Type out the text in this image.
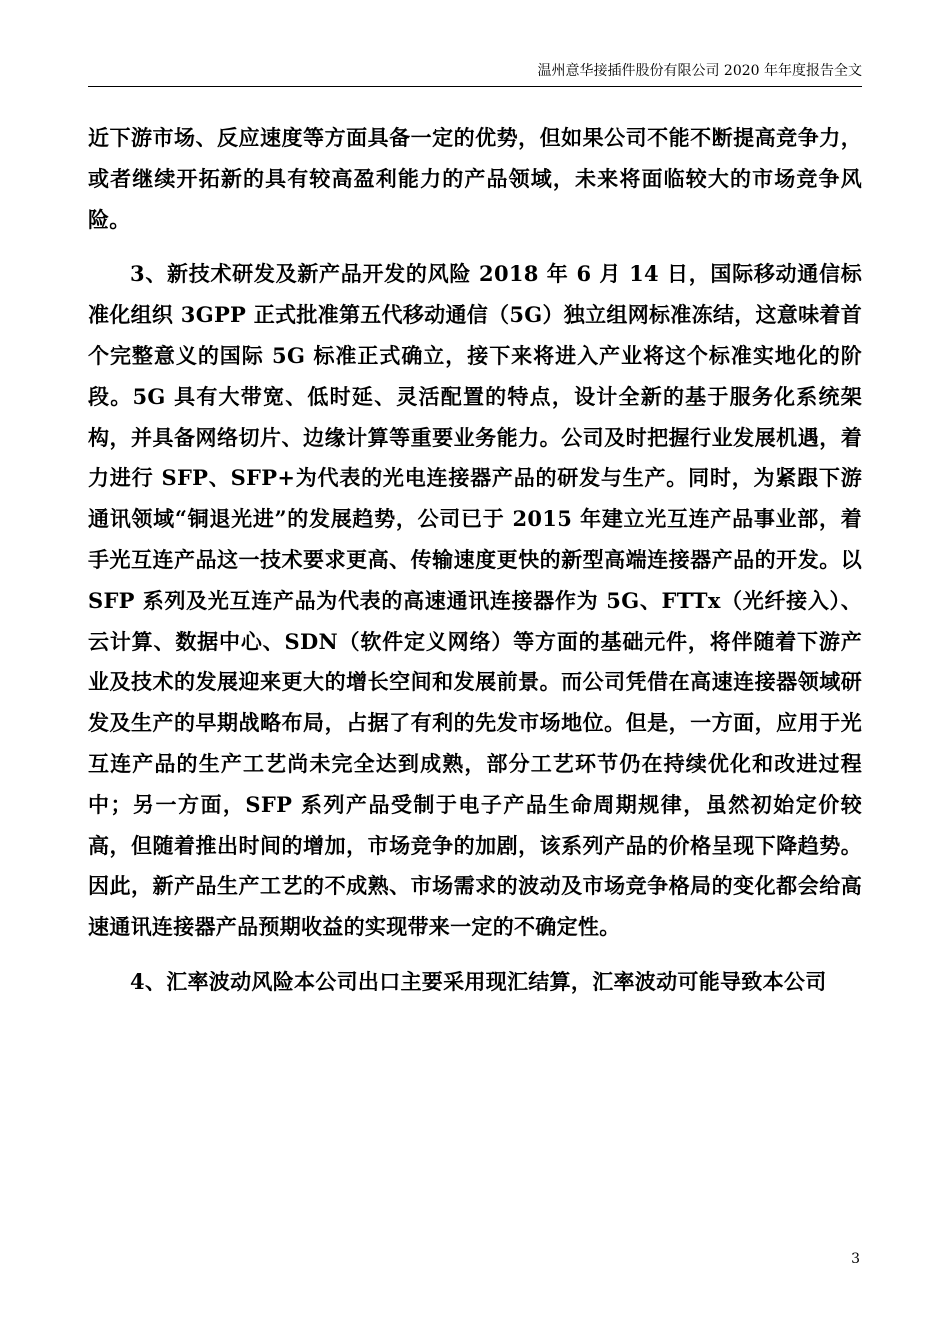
温州意华接插件股份有限公司 2020 年年度报告全文

近下游市场、反应速度等方面具备一定的优势，但如果公司不能不断提高竞争力，或者继续开拓新的具有较高盈利能力的产品领域，未来将面临较大的市场竞争风险。

3、新技术研发及新产品开发的风险 2018 年 6 月 14 日，国际移动通信标准化组织 3GPP 正式批准第五代移动通信（5G）独立组网标准冻结，这意味着首个完整意义的国际 5G 标准正式确立，接下来将进入产业将这个标准实地化的阶段。5G 具有大带宽、低时延、灵活配置的特点，设计全新的基于服务化系统架构，并具备网络切片、边缘计算等重要业务能力。公司及时把握行业发展机遇，着力进行 SFP、SFP+为代表的光电连接器产品的研发与生产。同时，为紧跟下游通讯领域“铜退光进”的发展趋势，公司已于 2015 年建立光互连产品事业部，着手光互连产品这一技术要求更高、传输速度更快的新型高端连接器产品的开发。以 SFP 系列及光互连产品为代表的高速通讯连接器作为 5G、FTTx（光纤接入）、云计算、数据中心、SDN（软件定义网络）等方面的基础元件，将伴随着下游产业及技术的发展迎来更大的增长空间和发展前景。而公司凭借在高速连接器领域研发及生产的早期战略布局，占据了有利的先发市场地位。但是，一方面，应用于光互连产品的生产工艺尚未完全达到成熟，部分工艺环节仍在持续优化和改进过程中；另一方面，SFP 系列产品受制于电子产品生命周期规律，虽然初始定价较高，但随着推出时间的增加，市场竞争的加剧，该系列产品的价格呈现下降趋势。因此，新产品生产工艺的不成熟、市场需求的波动及市场竞争格局的变化都会给高速通讯连接器产品预期收益的实现带来一定的不确定性。

4、汇率波动风险本公司出口主要采用现汇结算，汇率波动可能导致本公司

3
